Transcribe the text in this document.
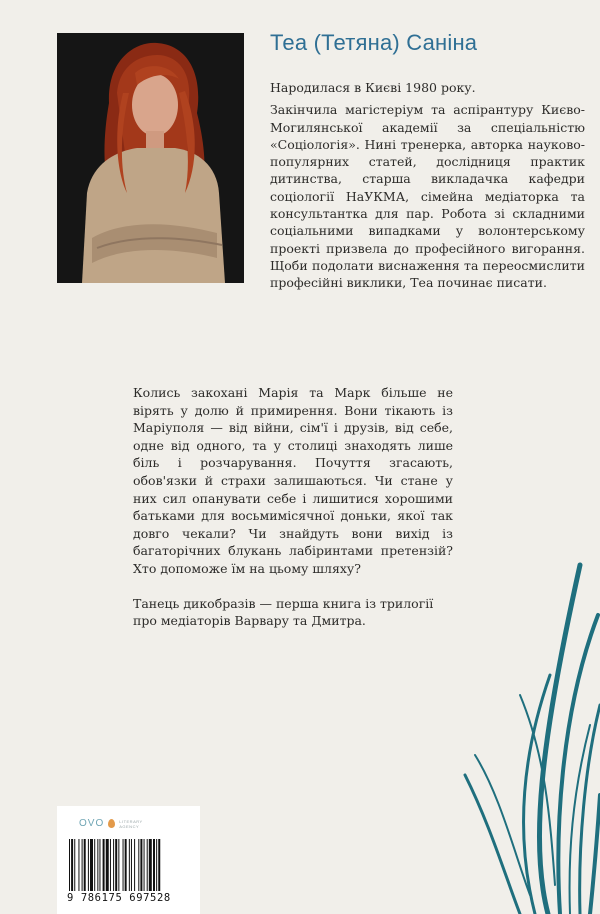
Теа (Тетяна) Саніна

Народилася в Києві 1980 року.

Закінчила магістеріум та аспірантуру Києво-Могилянської академії за спеціальністю «Соціологія». Нині тренерка, авторка науково-популярних статей, дослідниця практик дитинства, старша викладачка кафедри соціології НаУКМА, сімейна медіаторка та консультантка для пар. Робота зі складними соціальними випадками у волонтерському проекті призвела до професійного вигорання. Щоби подолати виснаження та переосмислити професійні виклики, Теа починає писати.

Колись закохані Марія та Марк більше не вірять у долю й примирення. Вони тікають із Маріуполя — від війни, сім'ї і друзів, від себе, одне від одного, та у столиці знаходять лише біль і розчарування. Почуття згасають, обов'язки й страхи залишаються. Чи стане у них сил опанувати себе і лишитися хорошими батьками для восьмимісячної доньки, якої так довго чекали? Чи знайдуть вони вихід із багаторічних блукань лабіринтами претензій? Хто допоможе їм на цьому шляху?

Танець дикобразів — перша книга із трилогії про медіаторів Варвару та Дмитра.

OVO	LITERARY AGENCY
9 786175 697528
